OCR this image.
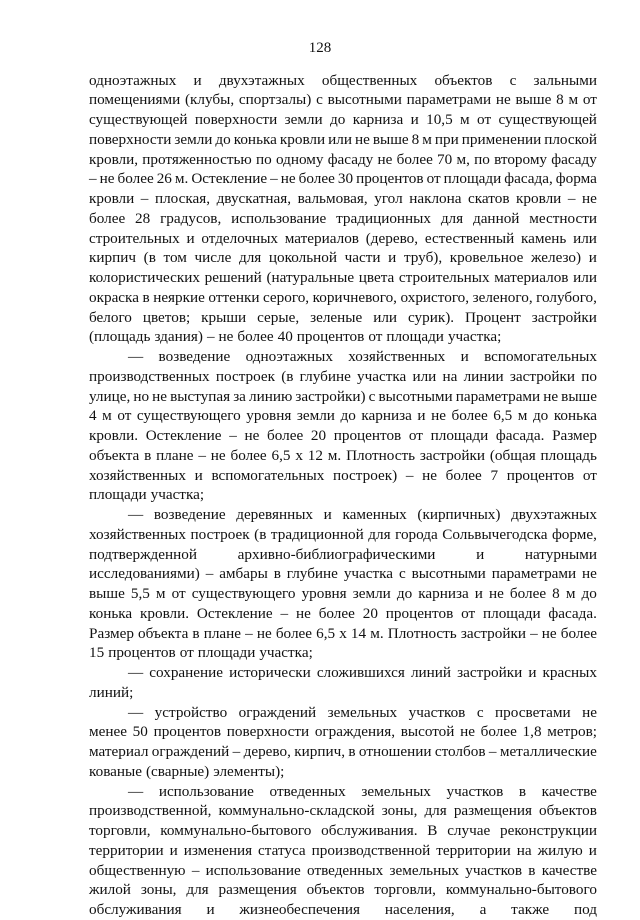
128
одноэтажных и двухэтажных общественных объектов с зальными
помещениями (клубы, спортзалы) с высотными параметрами не выше 8 м от
существующей поверхности земли до карниза и 10,5 м от существующей
поверхности земли до конька кровли или не выше 8 м при применении плоской
кровли, протяженностью по одному фасаду не более 70 м, по второму фасаду
– не более 26 м. Остекление – не более 30 процентов от площади фасада, форма
кровли – плоская, двускатная, вальмовая, угол наклона скатов кровли – не
более 28 градусов, использование традиционных для данной местности
строительных и отделочных материалов (дерево, естественный камень или
кирпич (в том числе для цокольной части и труб), кровельное железо) и
колористических решений (натуральные цвета строительных материалов или
окраска в неяркие оттенки серого, коричневого, охристого, зеленого, голубого,
белого цветов; крыши серые, зеленые или сурик). Процент застройки
(площадь здания) – не более 40 процентов от площади участка;
— возведение одноэтажных хозяйственных и вспомогательных
производственных построек (в глубине участка или на линии застройки по
улице, но не выступая за линию застройки) с высотными параметрами не выше
4 м от существующего уровня земли до карниза и не более 6,5 м до конька
кровли. Остекление – не более 20 процентов от площади фасада. Размер
объекта в плане – не более 6,5 х 12 м. Плотность застройки (общая площадь
хозяйственных и вспомогательных построек) – не более 7 процентов от
площади участка;
— возведение деревянных и каменных (кирпичных) двухэтажных
хозяйственных построек (в традиционной для города Сольвычегодска форме,
подтвержденной	архивно-библиографическими	и	натурными
исследованиями) – амбары в глубине участка с высотными параметрами не
выше 5,5 м от существующего уровня земли до карниза и не более 8 м до
конька кровли. Остекление – не более 20 процентов от площади фасада.
Размер объекта в плане – не более 6,5 х 14 м. Плотность застройки – не более
15 процентов от площади участка;
— сохранение исторически сложившихся линий застройки и красных
линий;
— устройство ограждений земельных участков с просветами не
менее 50 процентов поверхности ограждения, высотой не более 1,8 метров;
материал ограждений – дерево, кирпич, в отношении столбов – металлические
кованые (сварные) элементы);
— использование отведенных земельных участков в качестве
производственной, коммунально-складской зоны, для размещения объектов
торговли, коммунально-бытового обслуживания. В случае реконструкции
территории и изменения статуса производственной территории на жилую и
общественную – использование отведенных земельных участков в качестве
жилой зоны, для размещения объектов торговли, коммунально-бытового
обслуживания и жизнеобеспечения населения, а также под
